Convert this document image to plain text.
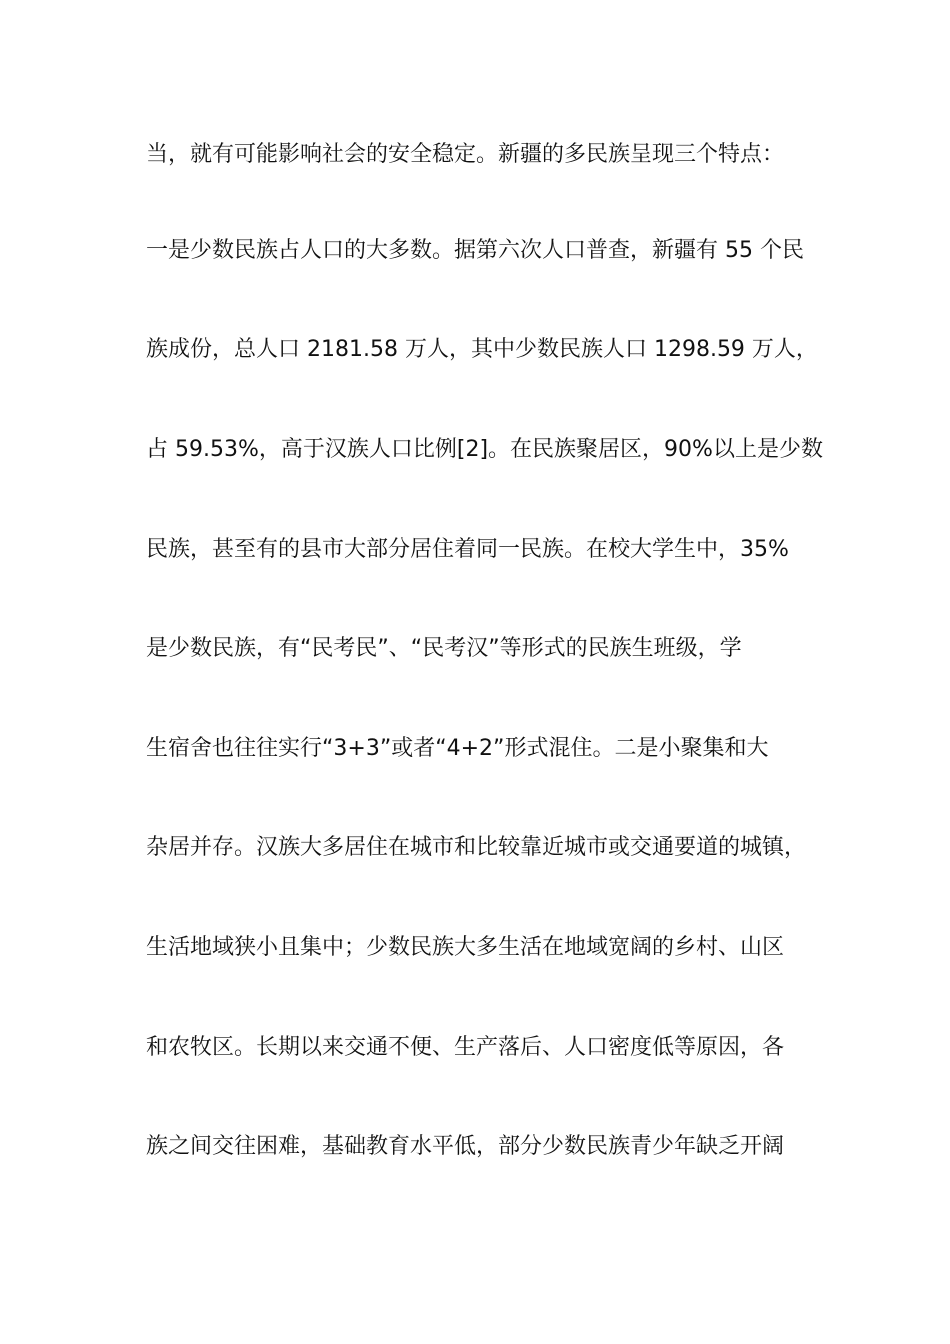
当，就有可能影响社会的安全稳定。新疆的多民族呈现三个特点：
一是少数民族占人口的大多数。据第六次人口普查，新疆有 55 个民
族成份，总人口 2181.58 万人，其中少数民族人口 1298.59 万人，
占 59.53%，高于汉族人口比例[2]。在民族聚居区，90%以上是少数
民族，甚至有的县市大部分居住着同一民族。在校大学生中，35%
是少数民族，有“民考民”、“民考汉”等形式的民族生班级，学
生宿舍也往往实行“3+3”或者“4+2”形式混住。二是小聚集和大
杂居并存。汉族大多居住在城市和比较靠近城市或交通要道的城镇，
生活地域狭小且集中；少数民族大多生活在地域宽阔的乡村、山区
和农牧区。长期以来交通不便、生产落后、人口密度低等原因，各
族之间交往困难，基础教育水平低，部分少数民族青少年缺乏开阔
